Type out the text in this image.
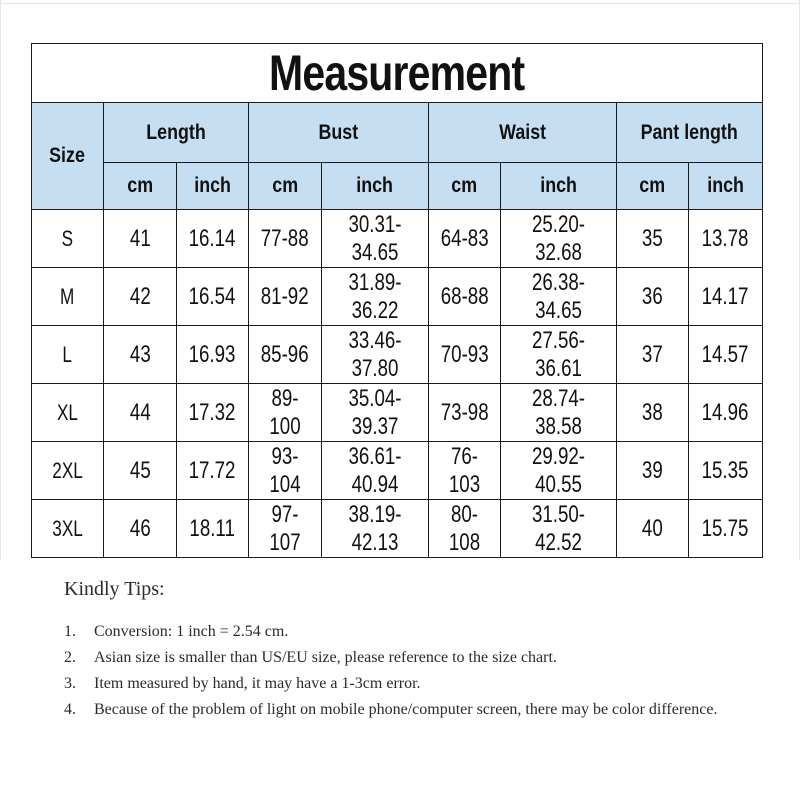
Measurement								
Size	Length		Bust		Waist		Pant length	
	cm	inch	cm	inch	cm	inch	cm	inch
S	41	16.14	77-88	30.31-34.65	64-83	25.20-32.68	35	13.78
M	42	16.54	81-92	31.89-36.22	68-88	26.38-34.65	36	14.17
L	43	16.93	85-96	33.46-37.80	70-93	27.56-36.61	37	14.57
XL	44	17.32	89-100	35.04-39.37	73-98	28.74-38.58	38	14.96
2XL	45	17.72	93-104	36.61-40.94	76-103	29.92-40.55	39	15.35
3XL	46	18.11	97-107	38.19-42.13	80-108	31.50-42.52	40	15.75
Kindly Tips:
1. Conversion: 1 inch = 2.54 cm.
2. Asian size is smaller than US/EU size, please reference to the size chart.
3. Item measured by hand, it may have a 1-3cm error.
4. Because of the problem of light on mobile phone/computer screen, there may be color difference.
